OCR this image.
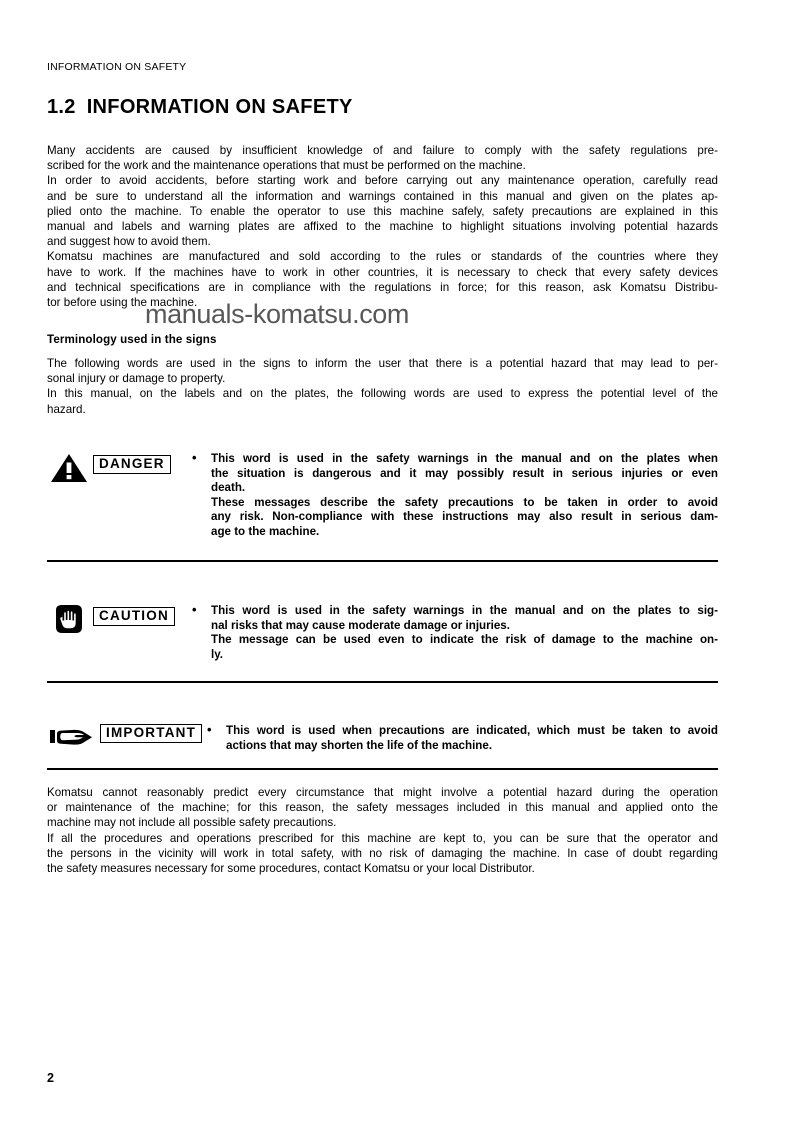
INFORMATION ON SAFETY
1.2 INFORMATION ON SAFETY
Many accidents are caused by insufficient knowledge of and failure to comply with the safety regulations pre-
scribed for the work and the maintenance operations that must be performed on the machine.
In order to avoid accidents, before starting work and before carrying out any maintenance operation, carefully read
and be sure to understand all the information and warnings contained in this manual and given on the plates ap-
plied onto the machine. To enable the operator to use this machine safely, safety precautions are explained in this
manual and labels and warning plates are affixed to the machine to highlight situations involving potential hazards
and suggest how to avoid them.
Komatsu machines are manufactured and sold according to the rules or standards of the countries where they
have to work. If the machines have to work in other countries, it is necessary to check that every safety devices
and technical specifications are in compliance with the regulations in force; for this reason, ask Komatsu Distribu-
tor before using the machine.
manuals-komatsu.com
Terminology used in the signs
The following words are used in the signs to inform the user that there is a potential hazard that may lead to per-
sonal injury or damage to property.
In this manual, on the labels and on the plates, the following words are used to express the potential level of the
hazard.
DANGER	• This word is used in the safety warnings in the manual and on the plates when
the situation is dangerous and it may possibly result in serious injuries or even
death.
These messages describe the safety precautions to be taken in order to avoid
any risk. Non-compliance with these instructions may also result in serious dam-
age to the machine.
CAUTION	• This word is used in the safety warnings in the manual and on the plates to sig-
nal risks that may cause moderate damage or injuries.
The message can be used even to indicate the risk of damage to the machine on-
ly.
IMPORTANT • This word is used when precautions are indicated, which must be taken to avoid
actions that may shorten the life of the machine.
Komatsu cannot reasonably predict every circumstance that might involve a potential hazard during the operation
or maintenance of the machine; for this reason, the safety messages included in this manual and applied onto the
machine may not include all possible safety precautions.
If all the procedures and operations prescribed for this machine are kept to, you can be sure that the operator and
the persons in the vicinity will work in total safety, with no risk of damaging the machine. In case of doubt regarding
the safety measures necessary for some procedures, contact Komatsu or your local Distributor.
2
